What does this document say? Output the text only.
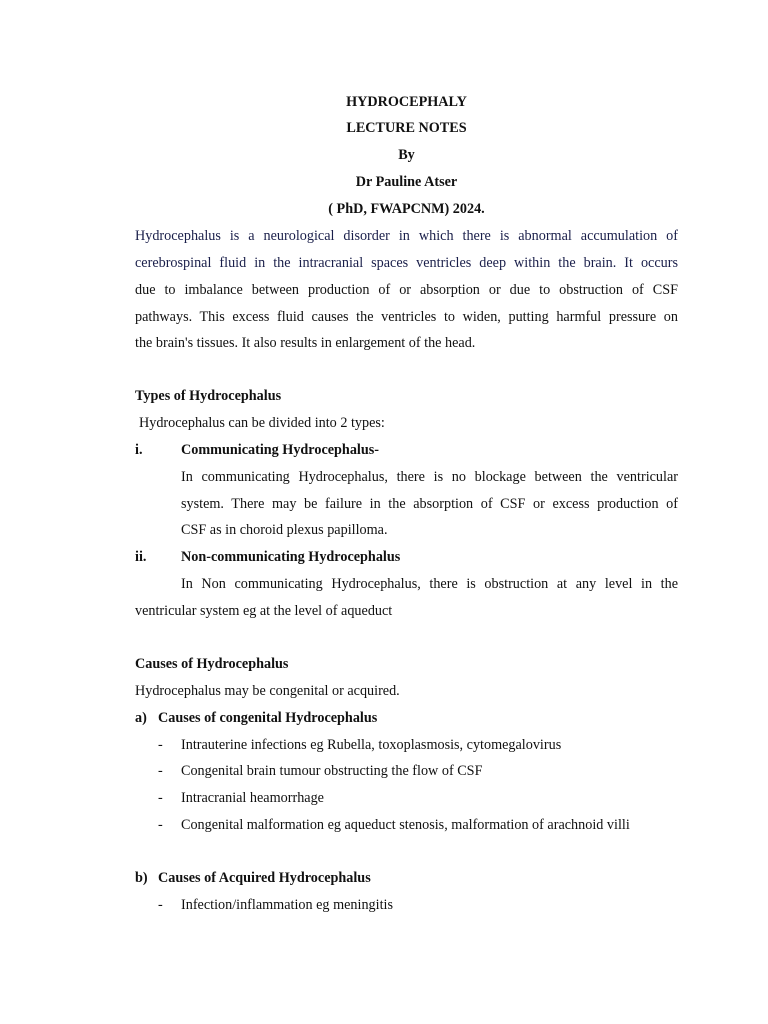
HYDROCEPHALY
LECTURE NOTES
By
Dr Pauline Atser
( PhD, FWAPCNM) 2024.
Hydrocephalus is a neurological disorder in which there is abnormal accumulation of
cerebrospinal fluid in the intracranial spaces ventricles deep within the brain. It occurs
due to imbalance between production of or absorption or due to obstruction of CSF
pathways. This excess fluid causes the ventricles to widen, putting harmful pressure on
the brain's tissues. It also results in enlargement of the head.
Types of Hydrocephalus
Hydrocephalus can be divided into 2 types:
i.	Communicating Hydrocephalus-
In communicating Hydrocephalus, there is no blockage between the ventricular
system. There may be failure in the absorption of CSF or excess production of
CSF as in choroid plexus papilloma.
ii. Non-communicating Hydrocephalus
In Non communicating Hydrocephalus, there is obstruction at any level in the
ventricular system eg at the level of aqueduct
Causes of Hydrocephalus
Hydrocephalus may be congenital or acquired.
a) Causes of congenital Hydrocephalus
- Intrauterine infections eg Rubella, toxoplasmosis, cytomegalovirus
- Congenital brain tumour obstructing the flow of CSF
- Intracranial heamorrhage
- Congenital malformation eg aqueduct stenosis, malformation of arachnoid villi
b) Causes of Acquired Hydrocephalus
- Infection/inflammation eg meningitis
